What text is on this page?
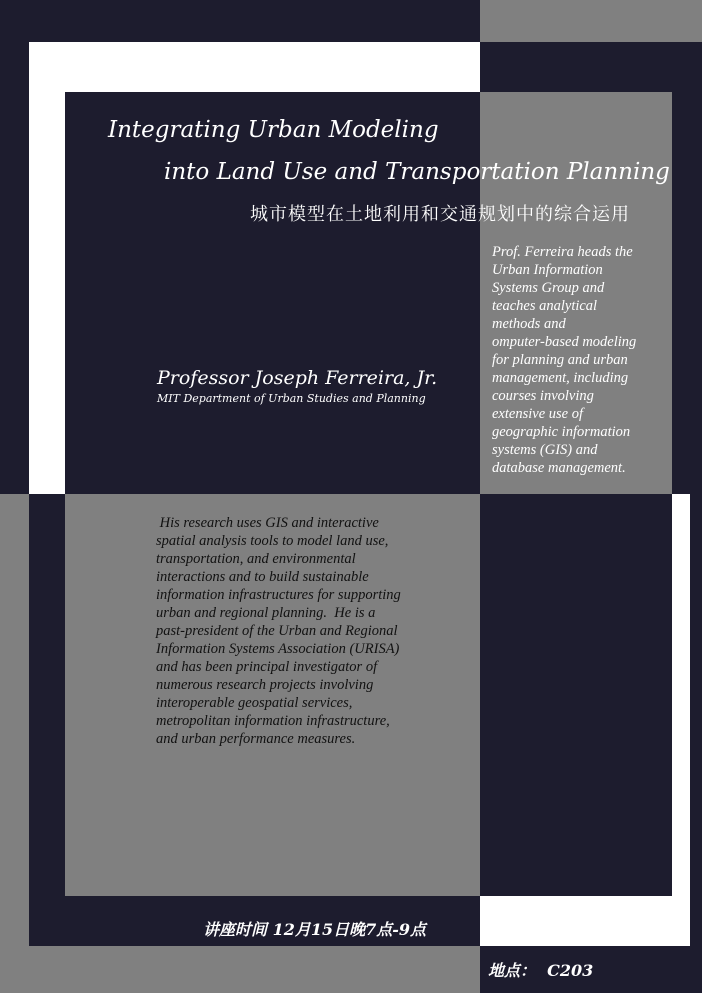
Integrating Urban Modeling
into Land Use and Transportation Planning
城市模型在土地利用和交通规划中的综合运用
Professor Joseph Ferreira, Jr.
MIT Department of Urban Studies and Planning
Prof. Ferreira heads the
Urban Information
Systems Group and
teaches analytical
methods and
omputer-based modeling
for planning and urban
management, including
courses involving
extensive use of
geographic information
systems (GIS) and
database management.
His research uses GIS and interactive
spatial analysis tools to model land use,
transportation, and environmental
interactions and to build sustainable
information infrastructures for supporting
urban and regional planning.  He is a
past-president of the Urban and Regional
Information Systems Association (URISA)
and has been principal investigator of
numerous research projects involving
interoperable geospatial services,
metropolitan information infrastructure,
and urban performance measures.
讲座时间 12月15日晚7点-9点
地点：  C203
